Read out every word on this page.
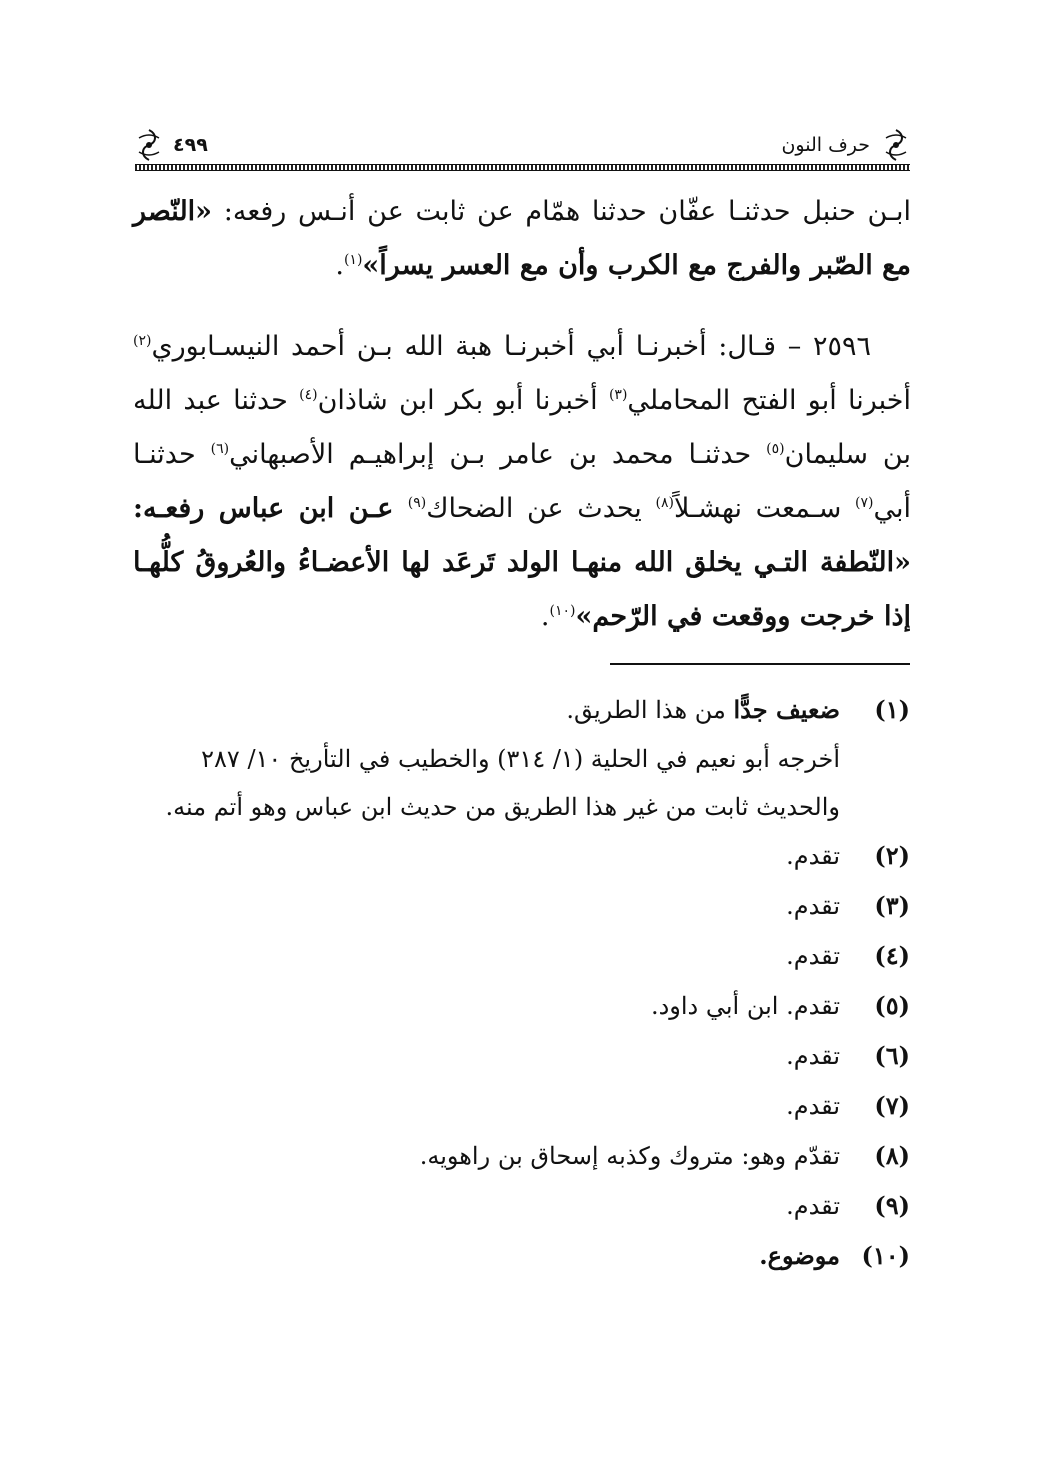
حرف النون
٤٩٩
ابـن حنبل حدثنـا عفّان حدثنا همّام عن ثابت عن أنـس رفعه: «النّصر مع الصّبر والفرج مع الكرب وأن مع العسر يسراً»$^{(١)}$.
٢٥٩٦ – قـال: أخبرنـا أبي أخبرنـا هبة الله بـن أحمد النيسـابوري$^{(٢)}$ أخبرنا أبو الفتح المحاملي$^{(٣)}$ أخبرنا أبو بكر ابن شاذان$^{(٤)}$ حدثنا عبد الله بن سليمان$^{(٥)}$ حدثنـا محمد بن عامر بـن إبراهيـم الأصبهاني$^{(٦)}$ حدثنـا أبي$^{(٧)}$ سـمعت نهشـلاً$^{(٨)}$ يحدث عن الضحاك$^{(٩)}$ عـن ابن عباس رفعـه: «النّطفة التـي يخلق الله منهـا الولد تَرعَد لها الأعضـاءُ والعُروقُ كلُّهـا إذا خرجت ووقعت في الرّحم»$^{(١٠)}$.
(١)
ضعيف جدًّا من هذا الطريق.
أخرجه أبو نعيم في الحلية (١/ ٣١٤) والخطيب في التأريخ ١٠/ ٢٨٧
والحديث ثابت من غير هذا الطريق من حديث ابن عباس وهو أتم منه.
(٢)
تقدم.
(٣)
تقدم.
(٤)
تقدم.
(٥)
تقدم. ابن أبي داود.
(٦)
تقدم.
(٧)
تقدم.
(٨)
تقدّم وهو: متروك وكذبه إسحاق بن راهويه.
(٩)
تقدم.
(١٠)
موضوع.
